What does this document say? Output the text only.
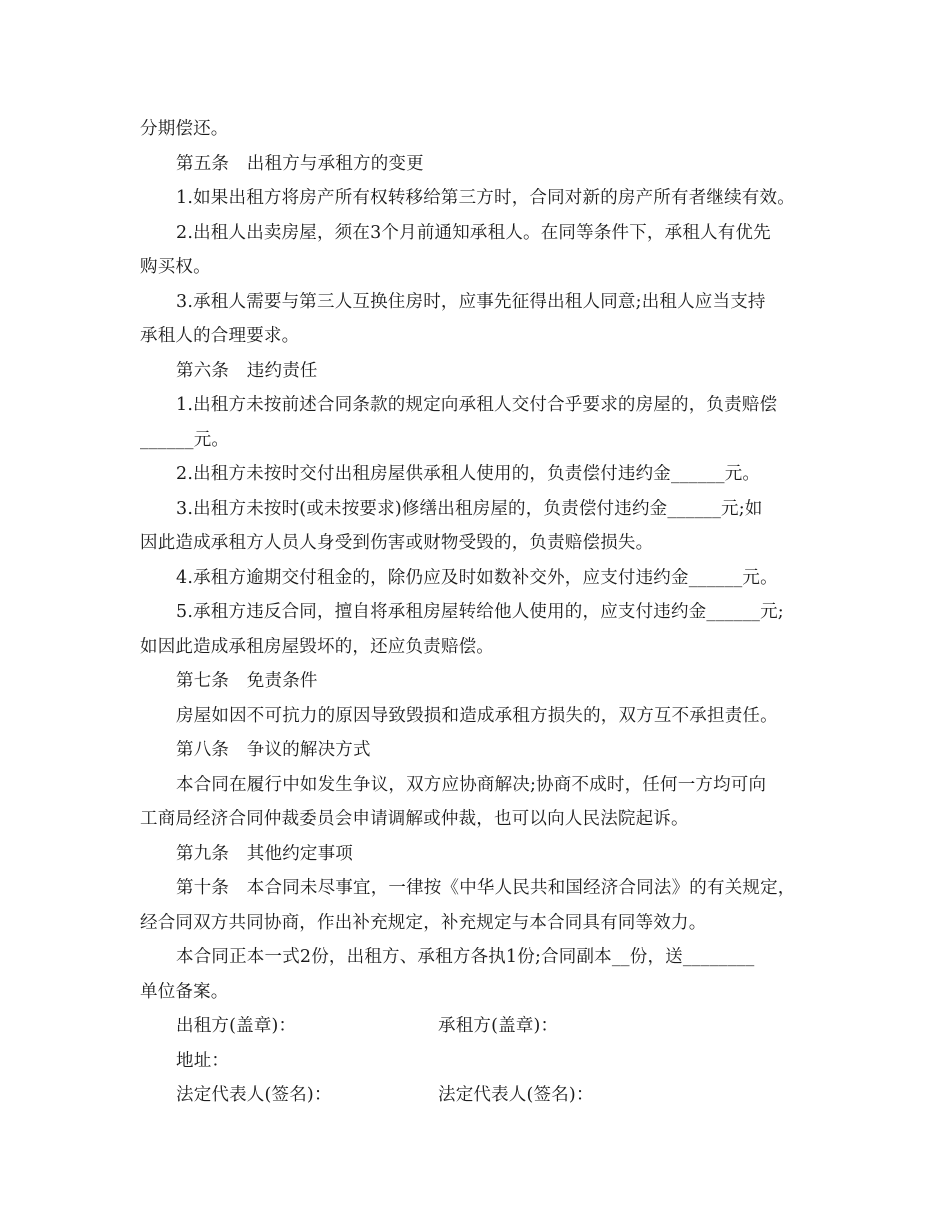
分期偿还。
第五条　出租方与承租方的变更
1.如果出租方将房产所有权转移给第三方时，合同对新的房产所有者继续有效。
2.出租人出卖房屋，须在3个月前通知承租人。在同等条件下，承租人有优先
购买权。
3.承租人需要与第三人互换住房时，应事先征得出租人同意;出租人应当支持
承租人的合理要求。
第六条　违约责任
1.出租方未按前述合同条款的规定向承租人交付合乎要求的房屋的，负责赔偿
______元。
2.出租方未按时交付出租房屋供承租人使用的，负责偿付违约金______元。
3.出租方未按时(或未按要求)修缮出租房屋的，负责偿付违约金______元;如
因此造成承租方人员人身受到伤害或财物受毁的，负责赔偿损失。
4.承租方逾期交付租金的，除仍应及时如数补交外，应支付违约金______元。
5.承租方违反合同，擅自将承租房屋转给他人使用的，应支付违约金______元;
如因此造成承租房屋毁坏的，还应负责赔偿。
第七条　免责条件
房屋如因不可抗力的原因导致毁损和造成承租方损失的，双方互不承担责任。
第八条　争议的解决方式
本合同在履行中如发生争议，双方应协商解决;协商不成时，任何一方均可向
工商局经济合同仲裁委员会申请调解或仲裁，也可以向人民法院起诉。
第九条　其他约定事项
第十条　本合同未尽事宜，一律按《中华人民共和国经济合同法》的有关规定，
经合同双方共同协商，作出补充规定，补充规定与本合同具有同等效力。
本合同正本一式2份，出租方、承租方各执1份;合同副本__份，送________
单位备案。
出租方(盖章)：	承租方(盖章)：
地址：
法定代表人(签名)：	法定代表人(签名)：
